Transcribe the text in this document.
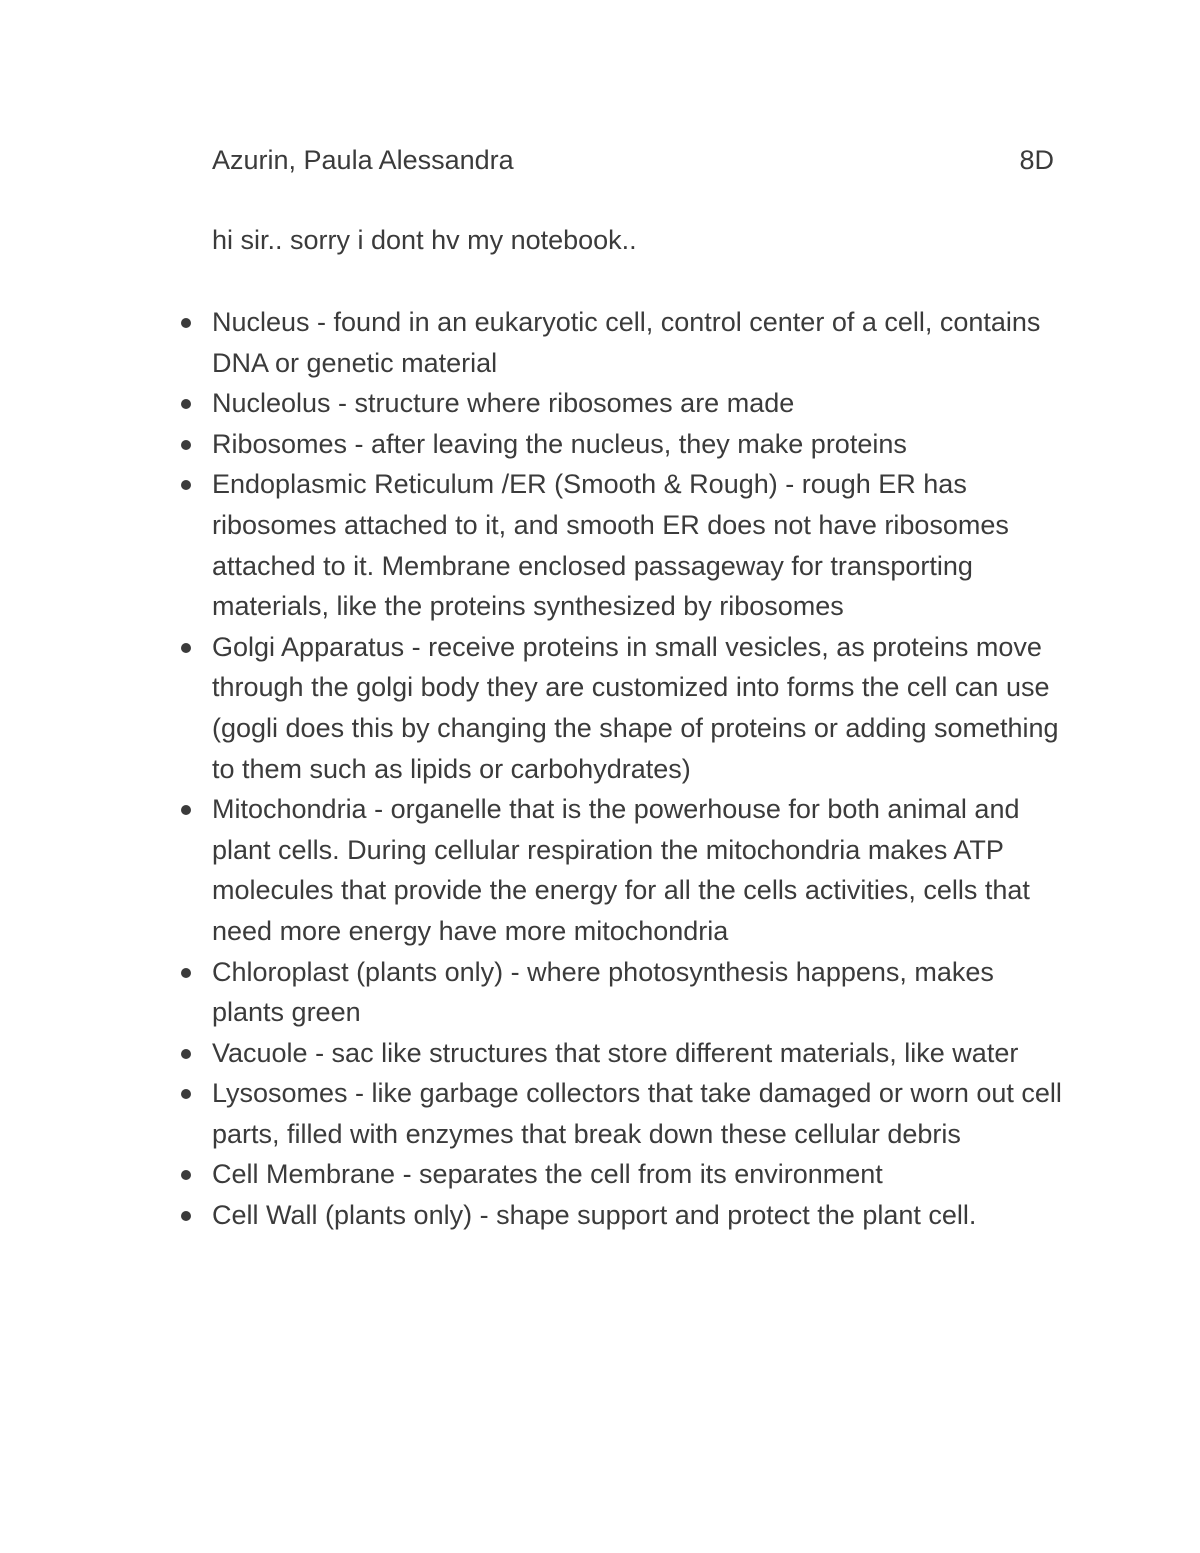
Azurin, Paula Alessandra	8D
hi sir.. sorry i dont hv my notebook..
Nucleus - found in an eukaryotic cell, control center of a cell, contains DNA or genetic material
Nucleolus - structure where ribosomes are made
Ribosomes - after leaving the nucleus, they make proteins
Endoplasmic Reticulum /ER (Smooth & Rough) - rough ER has ribosomes attached to it, and smooth ER does not have ribosomes attached to it. Membrane enclosed passageway for transporting materials, like the proteins synthesized by ribosomes
Golgi Apparatus - receive proteins in small vesicles, as proteins move through the golgi body they are customized into forms the cell can use (gogli does this by changing the shape of proteins or adding something to them such as lipids or carbohydrates)
Mitochondria - organelle that is the powerhouse for both animal and plant cells. During cellular respiration the mitochondria makes ATP molecules that provide the energy for all the cells activities, cells that need more energy have more mitochondria
Chloroplast (plants only) - where photosynthesis happens, makes plants green
Vacuole - sac like structures that store different materials, like water
Lysosomes - like garbage collectors that take damaged or worn out cell parts, filled with enzymes that break down these cellular debris
Cell Membrane - separates the cell from its environment
Cell Wall (plants only) - shape support and protect the plant cell.
